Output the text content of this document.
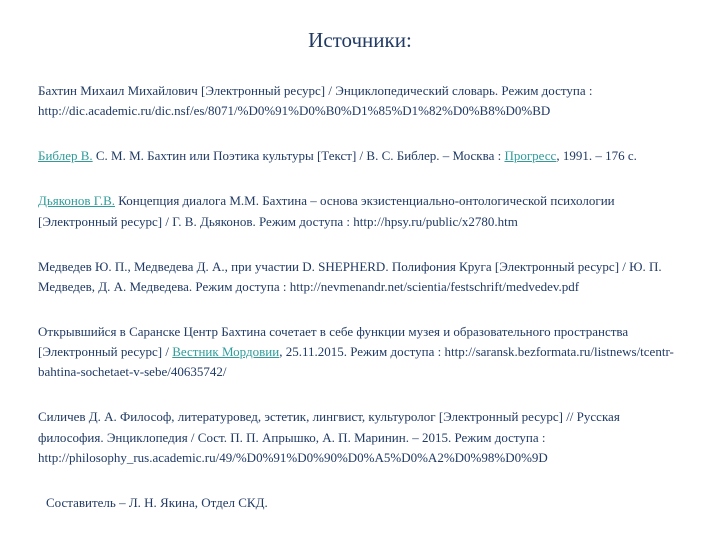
Источники:

Бахтин Михаил Михайлович [Электронный ресурс] / Энциклопедический словарь. Режим доступа : http://dic.academic.ru/dic.nsf/es/8071/%D0%91%D0%B0%D1%85%D1%82%D0%B8%D0%BD

Библер В. С. М. М. Бахтин или Поэтика культуры [Текст] / В. С. Библер. – Москва : Прогресс, 1991. – 176 с.

Дьяконов Г.В. Концепция диалога М.М. Бахтина – основа экзистенциально-онтологической психологии [Электронный ресурс] / Г. В. Дьяконов. Режим доступа : http://hpsy.ru/public/x2780.htm

Медведев Ю. П., Медведева Д. А., при участии D. SHEPHERD. Полифония Круга [Электронный ресурс] / Ю. П. Медведев, Д. А. Медведева. Режим доступа : http://nevmenandr.net/scientia/festschrift/medvedev.pdf

Открывшийся в Саранске Центр Бахтина сочетает в себе функции музея и образовательного пространства [Электронный ресурс] / Вестник Мордовии, 25.11.2015. Режим доступа : http://saransk.bezformata.ru/listnews/tcentr-bahtina-sochetaet-v-sebe/40635742/

Силичев Д. А. Философ, литературовед, эстетик, лингвист, культуролог [Электронный ресурс] // Русская философия. Энциклопедия / Сост. П. П. Апрышко, А. П. Маринин. – 2015. Режим доступа : http://philosophy_rus.academic.ru/49/%D0%91%D0%90%D0%A5%D0%A2%D0%98%D0%9D

Составитель – Л. Н. Якина, Отдел СКД.
